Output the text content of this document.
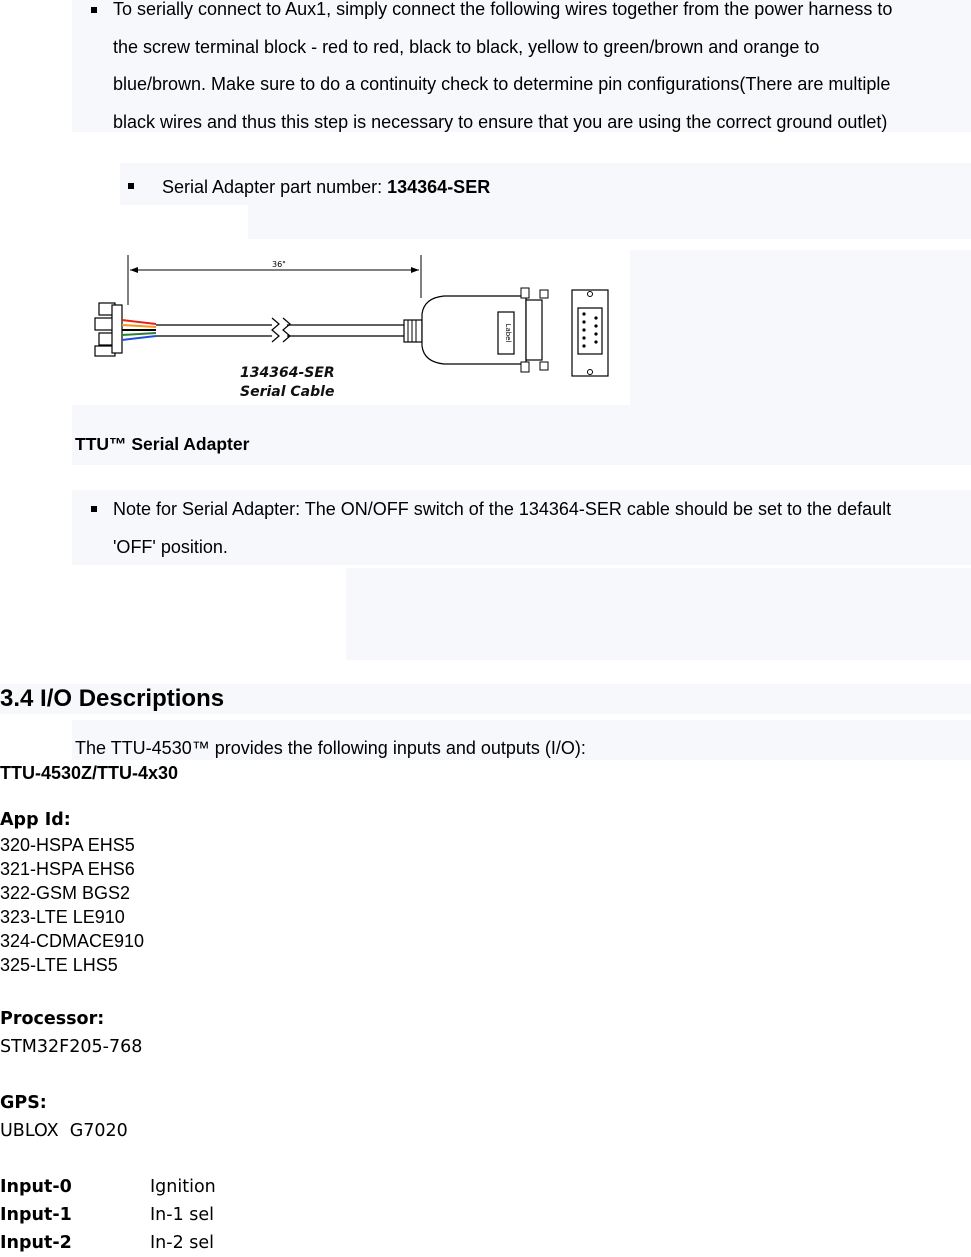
To serially connect to Aux1, simply connect the following wires together from the power harness to
the screw terminal block - red to red, black to black, yellow to green/brown and orange to
blue/brown. Make sure to do a continuity check to determine pin configurations(There are multiple
black wires and thus this step is necessary to ensure that you are using the correct ground outlet)
Serial Adapter part number: 134364-SER
36"
Label
134364-SER
Serial Cable
TTU™ Serial Adapter
Note for Serial Adapter: The ON/OFF switch of the 134364-SER cable should be set to the default
'OFF' position.
3.4 I/O Descriptions
The TTU-4530™ provides the following inputs and outputs (I/O):
TTU-4530Z/TTU-4x30
App Id:
320-HSPA EHS5
321-HSPA EHS6
322-GSM BGS2
323-LTE LE910
324-CDMACE910
325-LTE LHS5
Processor:
STM32F205-768
GPS:
UBLOX  G7020
Input-0	Ignition
Input-1	In-1 sel
Input-2	In-2 sel
